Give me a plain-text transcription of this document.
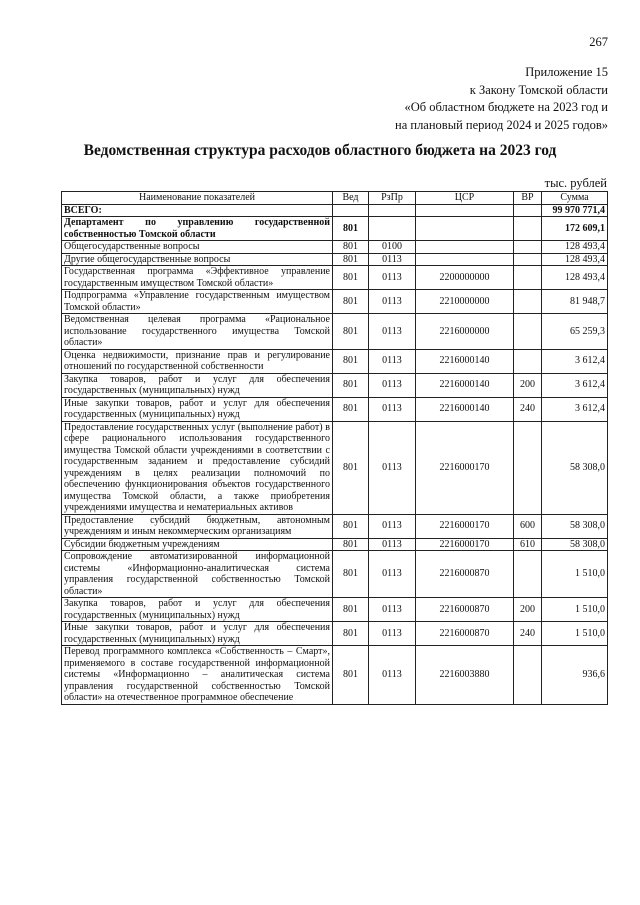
267
Приложение 15
к Закону Томской области
«Об областном бюджете на 2023 год и
на плановый период 2024 и 2025 годов»
Ведомственная структура расходов областного бюджета на 2023 год
тыс. рублей
Наименование показателей	Вед	РзПр	ЦСР	ВР	Сумма
ВСЕГО:					99 970 771,4
Департамент по управлению государственной собственностью Томской области	801				172 609,1
Общегосударственные вопросы	801	0100			128 493,4
Другие общегосударственные вопросы	801	0113			128 493,4
Государственная программа «Эффективное управление государственным имуществом Томской области»	801	0113	2200000000		128 493,4
Подпрограмма «Управление государственным имуществом Томской области»	801	0113	2210000000		81 948,7
Ведомственная целевая программа «Рациональное использование государственного имущества Томской области»	801	0113	2216000000		65 259,3
Оценка недвижимости, признание прав и регулирование отношений по государственной собственности	801	0113	2216000140		3 612,4
Закупка товаров, работ и услуг для обеспечения государственных (муниципальных) нужд	801	0113	2216000140	200	3 612,4
Иные закупки товаров, работ и услуг для обеспечения государственных (муниципальных) нужд	801	0113	2216000140	240	3 612,4
Предоставление государственных услуг (выполнение работ) в сфере рационального использования государственного имущества Томской области учреждениями в соответствии с государственным заданием и предоставление субсидий учреждениям в целях реализации полномочий по обеспечению функционирования объектов государственного имущества Томской области, а также приобретения учреждениями имущества и нематериальных активов	801	0113	2216000170		58 308,0
Предоставление субсидий бюджетным, автономным учреждениям и иным некоммерческим организациям	801	0113	2216000170	600	58 308,0
Субсидии бюджетным учреждениям	801	0113	2216000170	610	58 308,0
Сопровождение автоматизированной информационной системы «Информационно-аналитическая система управления государственной собственностью Томской области»	801	0113	2216000870		1 510,0
Закупка товаров, работ и услуг для обеспечения государственных (муниципальных) нужд	801	0113	2216000870	200	1 510,0
Иные закупки товаров, работ и услуг для обеспечения государственных (муниципальных) нужд	801	0113	2216000870	240	1 510,0
Перевод программного комплекса «Собственность – Смарт», применяемого в составе государственной информационной системы «Информационно – аналитическая система управления государственной собственностью Томской области» на отечественное программное обеспечение	801	0113	2216003880		936,6
